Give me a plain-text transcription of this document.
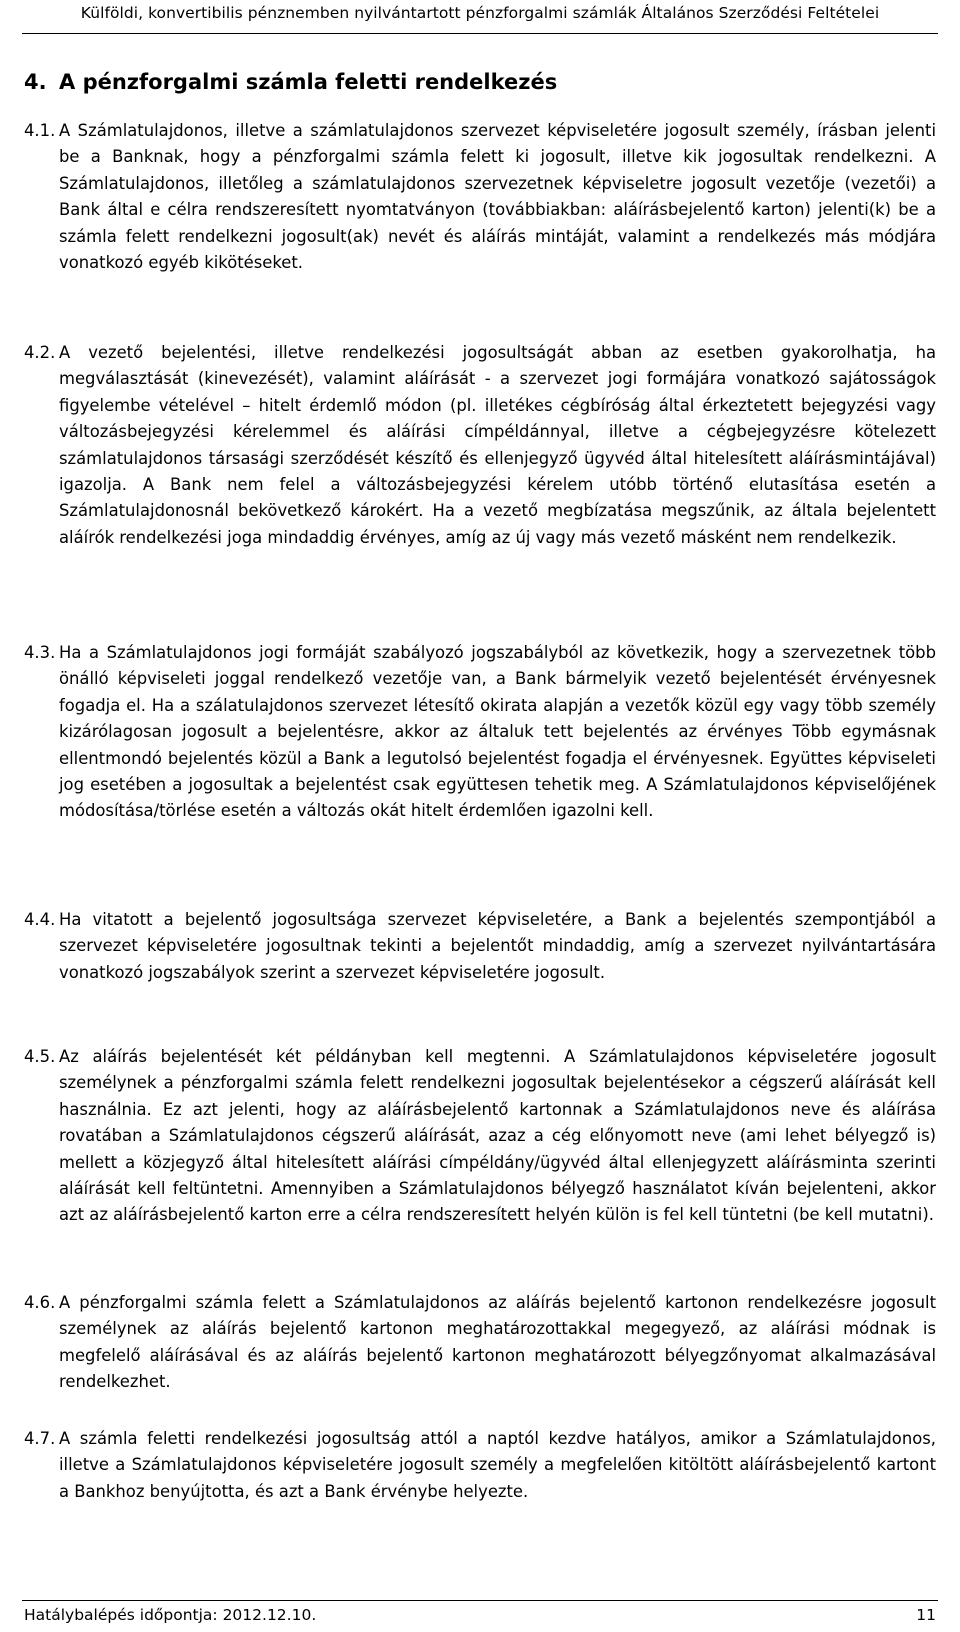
Külföldi, konvertibilis pénznemben nyilvántartott pénzforgalmi számlák Általános Szerződési Feltételei
4. A pénzforgalmi számla feletti rendelkezés
4.1. A Számlatulajdonos, illetve a számlatulajdonos szervezet képviseletére jogosult személy, írásban jelenti be a Banknak, hogy a pénzforgalmi számla felett ki jogosult, illetve kik jogosultak rendelkezni. A Számlatulajdonos, illetőleg a számlatulajdonos szervezetnek képviseletre jogosult vezetője (vezetői) a Bank által e célra rendszeresített nyomtatványon (továbbiakban: aláírásbejelentő karton) jelenti(k) be a számla felett rendelkezni jogosult(ak) nevét és aláírás mintáját, valamint a rendelkezés más módjára vonatkozó egyéb kikötéseket.
4.2. A vezető bejelentési, illetve rendelkezési jogosultságát abban az esetben gyakorolhatja, ha megválasztását (kinevezését), valamint aláírását - a szervezet jogi formájára vonatkozó sajátosságok figyelembe vételével – hitelt érdemlő módon (pl. illetékes cégbíróság által érkeztetett bejegyzési vagy változásbejegyzési kérelemmel és aláírási címpéldánnyal, illetve a cégbejegyzésre kötelezett számlatulajdonos társasági szerződését készítő és ellenjegyző ügyvéd által hitelesített aláírásmintájával) igazolja. A Bank nem felel a változásbejegyzési kérelem utóbb történő elutasítása esetén a Számlatulajdonosnál bekövetkező károkért. Ha a vezető megbízatása megszűnik, az általa bejelentett aláírók rendelkezési joga mindaddig érvényes, amíg az új vagy más vezető másként nem rendelkezik.
4.3. Ha a Számlatulajdonos jogi formáját szabályozó jogszabályból az következik, hogy a szervezetnek több önálló képviseleti joggal rendelkező vezetője van, a Bank bármelyik vezető bejelentését érvényesnek fogadja el. Ha a szálatulajdonos szervezet létesítő okirata alapján a vezetők közül egy vagy több személy kizárólagosan jogosult a bejelentésre, akkor az általuk tett bejelentés az érvényes Több egymásnak ellentmondó bejelentés közül a Bank a legutolsó bejelentést fogadja el érvényesnek. Együttes képviseleti jog esetében a jogosultak a bejelentést csak együttesen tehetik meg. A Számlatulajdonos képviselőjének módosítása/törlése esetén a változás okát hitelt érdemlően igazolni kell.
4.4. Ha vitatott a bejelentő jogosultsága szervezet képviseletére, a Bank a bejelentés szempontjából a szervezet képviseletére jogosultnak tekinti a bejelentőt mindaddig, amíg a szervezet nyilvántartására vonatkozó jogszabályok szerint a szervezet képviseletére jogosult.
4.5. Az aláírás bejelentését két példányban kell megtenni. A Számlatulajdonos képviseletére jogosult személynek a pénzforgalmi számla felett rendelkezni jogosultak bejelentésekor a cégszerű aláírását kell használnia. Ez azt jelenti, hogy az aláírásbejelentő kartonnak a Számlatulajdonos neve és aláírása rovatában a Számlatulajdonos cégszerű aláírását, azaz a cég előnyomott neve (ami lehet bélyegző is) mellett a közjegyző által hitelesített aláírási címpéldány/ügyvéd által ellenjegyzett aláírásminta szerinti aláírását kell feltüntetni. Amennyiben a Számlatulajdonos bélyegző használatot kíván bejelenteni, akkor azt az aláírásbejelentő karton erre a célra rendszeresített helyén külön is fel kell tüntetni (be kell mutatni).
4.6. A pénzforgalmi számla felett a Számlatulajdonos az aláírás bejelentő kartonon rendelkezésre jogosult személynek az aláírás bejelentő kartonon meghatározottakkal megegyező, az aláírási módnak is megfelelő aláírásával és az aláírás bejelentő kartonon meghatározott bélyegzőnyomat alkalmazásával rendelkezhet.
4.7. A számla feletti rendelkezési jogosultság attól a naptól kezdve hatályos, amikor a Számlatulajdonos, illetve a Számlatulajdonos képviseletére jogosult személy a megfelelően kitöltött aláírásbejelentő kartont a Bankhoz benyújtotta, és azt a Bank érvénybe helyezte.
Hatálybalépés időpontja: 2012.12.10.	11
